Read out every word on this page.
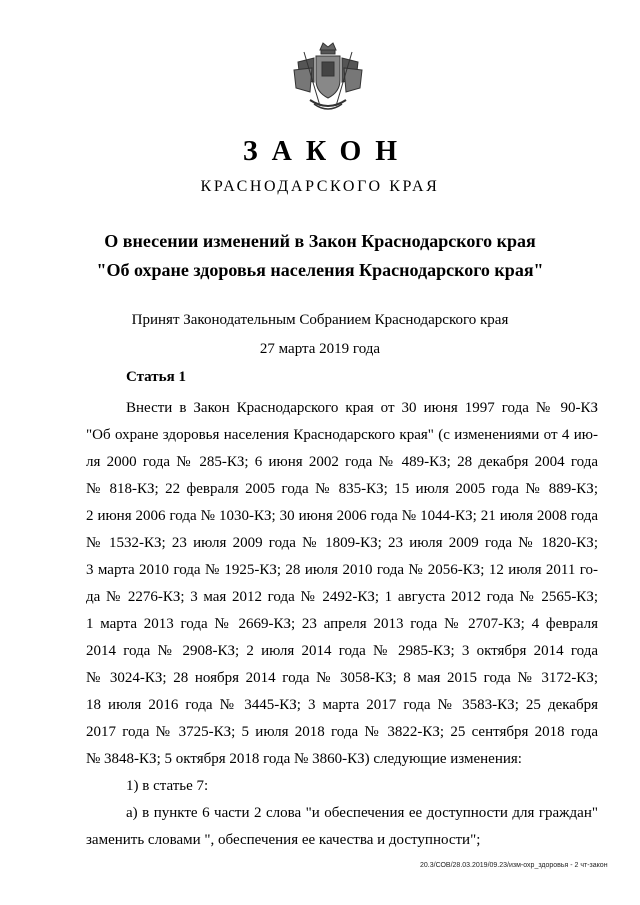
ЗАКОН
КРАСНОДАРСКОГО КРАЯ
О внесении изменений в Закон Краснодарского края
"Об охране здоровья населения Краснодарского края"
Принят Законодательным Собранием Краснодарского края
27 марта 2019 года
Статья 1
Внести в Закон Краснодарского края от 30 июня 1997 года № 90-КЗ
"Об охране здоровья населения Краснодарского края" (с изменениями от 4 ию-
ля 2000 года № 285-КЗ; 6 июня 2002 года № 489-КЗ; 28 декабря 2004 года
№ 818-КЗ; 22 февраля 2005 года № 835-КЗ; 15 июля 2005 года № 889-КЗ;
2 июня 2006 года № 1030-КЗ; 30 июня 2006 года № 1044-КЗ; 21 июля 2008 года
№ 1532-КЗ; 23 июля 2009 года № 1809-КЗ; 23 июля 2009 года № 1820-КЗ;
3 марта 2010 года № 1925-КЗ; 28 июля 2010 года № 2056-КЗ; 12 июля 2011 го-
да № 2276-КЗ; 3 мая 2012 года № 2492-КЗ; 1 августа 2012 года № 2565-КЗ;
1 марта 2013 года № 2669-КЗ; 23 апреля 2013 года № 2707-КЗ; 4 февраля
2014 года № 2908-КЗ; 2 июля 2014 года № 2985-КЗ; 3 октября 2014 года
№ 3024-КЗ; 28 ноября 2014 года № 3058-КЗ; 8 мая 2015 года № 3172-КЗ;
18 июля 2016 года № 3445-КЗ; 3 марта 2017 года № 3583-КЗ; 25 декабря
2017 года № 3725-КЗ; 5 июля 2018 года № 3822-КЗ; 25 сентября 2018 года
№ 3848-КЗ; 5 октября 2018 года № 3860-КЗ) следующие изменения:
1) в статье 7:
а) в пункте 6 части 2 слова "и обеспечения ее доступности для граждан"
заменить словами ", обеспечения ее качества и доступности";
20.3/СОВ/28.03.2019/09.23/изм-охр_здоровья - 2 чт-закон
